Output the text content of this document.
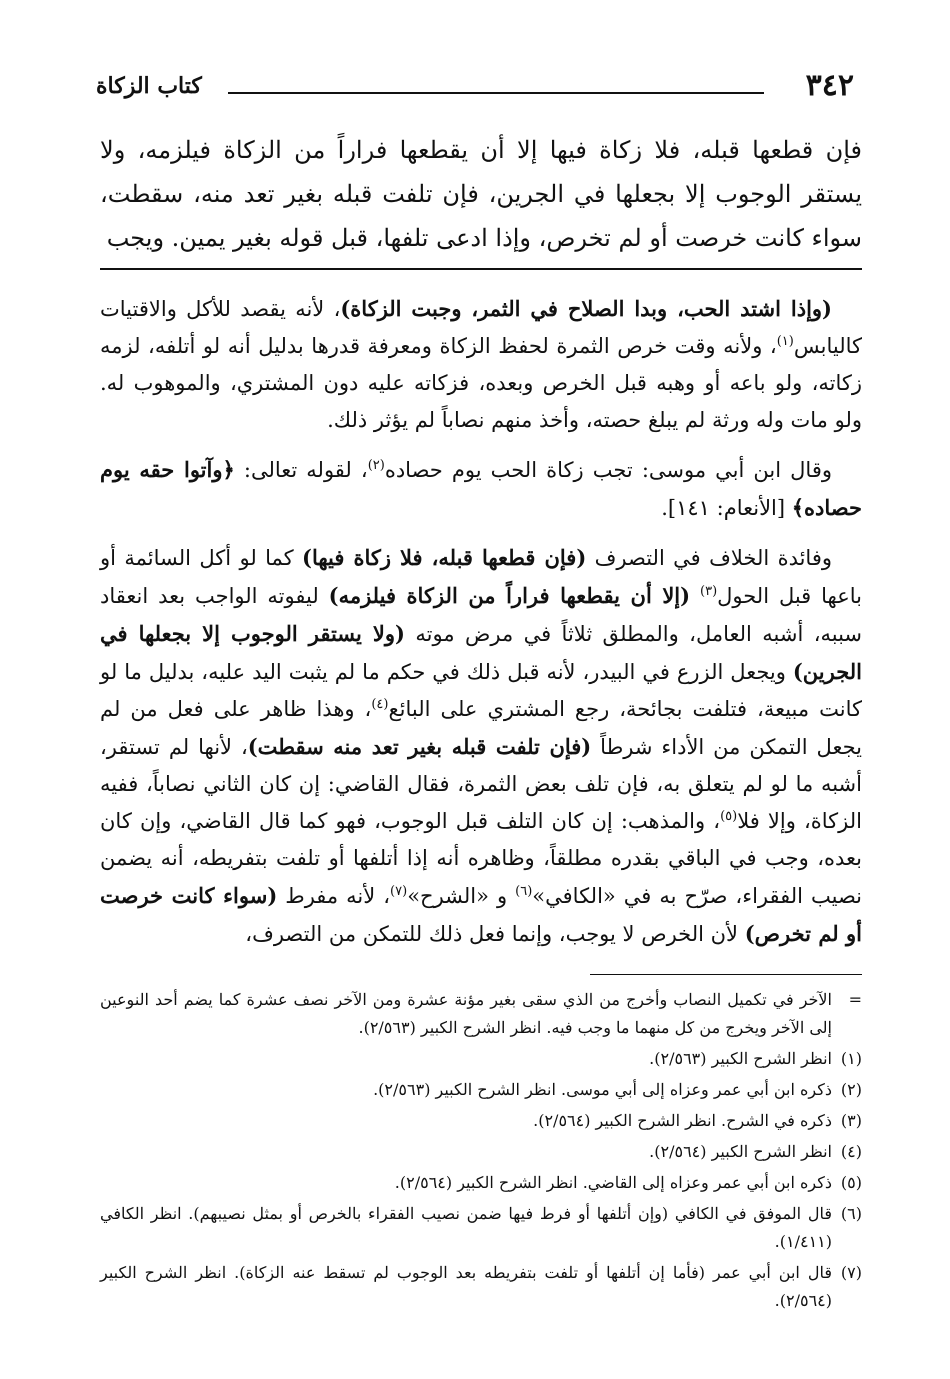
٣٤٢
كتاب الزكاة
فإن قطعها قبله، فلا زكاة فيها إلا أن يقطعها فراراً من الزكاة فيلزمه، ولا يستقر الوجوب إلا بجعلها في الجرين، فإن تلفت قبله بغير تعد منه، سقطت، سواء كانت خرصت أو لم تخرص، وإذا ادعى تلفها، قبل قوله بغير يمين. ويجب

(وإذا اشتد الحب، وبدا الصلاح في الثمر، وجبت الزكاة)، لأنه يقصد للأكل والاقتيات كاليابس$^{(١)}$، ولأنه وقت خرص الثمرة لحفظ الزكاة ومعرفة قدرها بدليل أنه لو أتلفه، لزمه زكاته، ولو باعه أو وهبه قبل الخرص وبعده، فزكاته عليه دون المشتري، والموهوب له. ولو مات وله ورثة لم يبلغ حصته، وأخذ منهم نصاباً لم يؤثر ذلك.

وقال ابن أبي موسى: تجب زكاة الحب يوم حصاده$^{(٢)}$، لقوله تعالى: ﴿وآتوا حقه يوم حصاده﴾ [الأنعام: ١٤١].

وفائدة الخلاف في التصرف (فإن قطعها قبله، فلا زكاة فيها) كما لو أكل السائمة أو باعها قبل الحول$^{(٣)}$ (إلا أن يقطعها فراراً من الزكاة فيلزمه) ليفوته الواجب بعد انعقاد سببه، أشبه العامل، والمطلق ثلاثاً في مرض موته (ولا يستقر الوجوب إلا بجعلها في الجرين) ويجعل الزرع في البيدر، لأنه قبل ذلك في حكم ما لم يثبت اليد عليه، بدليل ما لو كانت مبيعة، فتلفت بجائحة، رجع المشتري على البائع$^{(٤)}$، وهذا ظاهر على فعل من لم يجعل التمكن من الأداء شرطاً (فإن تلفت قبله بغير تعد منه سقطت)، لأنها لم تستقر، أشبه ما لو لم يتعلق به، فإن تلف بعض الثمرة، فقال القاضي: إن كان الثاني نصاباً، ففيه الزكاة، وإلا فلا$^{(٥)}$، والمذهب: إن كان التلف قبل الوجوب، فهو كما قال القاضي، وإن كان بعده، وجب في الباقي بقدره مطلقاً، وظاهره أنه إذا أتلفها أو تلفت بتفريطه، أنه يضمن نصيب الفقراء، صرّح به في «الكافي»$^{(٦)}$ و «الشرح»$^{(٧)}$، لأنه مفرط (سواء كانت خرصت أو لم تخرص) لأن الخرص لا يوجب، وإنما فعل ذلك للتمكن من التصرف،

=
الآخر في تكميل النصاب وأخرج من الذي سقى بغير مؤنة عشرة ومن الآخر نصف عشرة كما يضم أحد النوعين إلى الآخر ويخرج من كل منهما ما وجب فيه. انظر الشرح الكبير (٢/٥٦٣).
(١)
انظر الشرح الكبير (٢/٥٦٣).
(٢)
ذكره ابن أبي عمر وعزاه إلى أبي موسى. انظر الشرح الكبير (٢/٥٦٣).
(٣)
ذكره في الشرح. انظر الشرح الكبير (٢/٥٦٤).
(٤)
انظر الشرح الكبير (٢/٥٦٤).
(٥)
ذكره ابن أبي عمر وعزاه إلى القاضي. انظر الشرح الكبير (٢/٥٦٤).
(٦)
قال الموفق في الكافي (وإن أتلفها أو فرط فيها ضمن نصيب الفقراء بالخرص أو بمثل نصيبهم). انظر الكافي (١/٤١١).
(٧)
قال ابن أبي عمر (فأما إن أتلفها أو تلفت بتفريطه بعد الوجوب لم تسقط عنه الزكاة). انظر الشرح الكبير (٢/٥٦٤).
